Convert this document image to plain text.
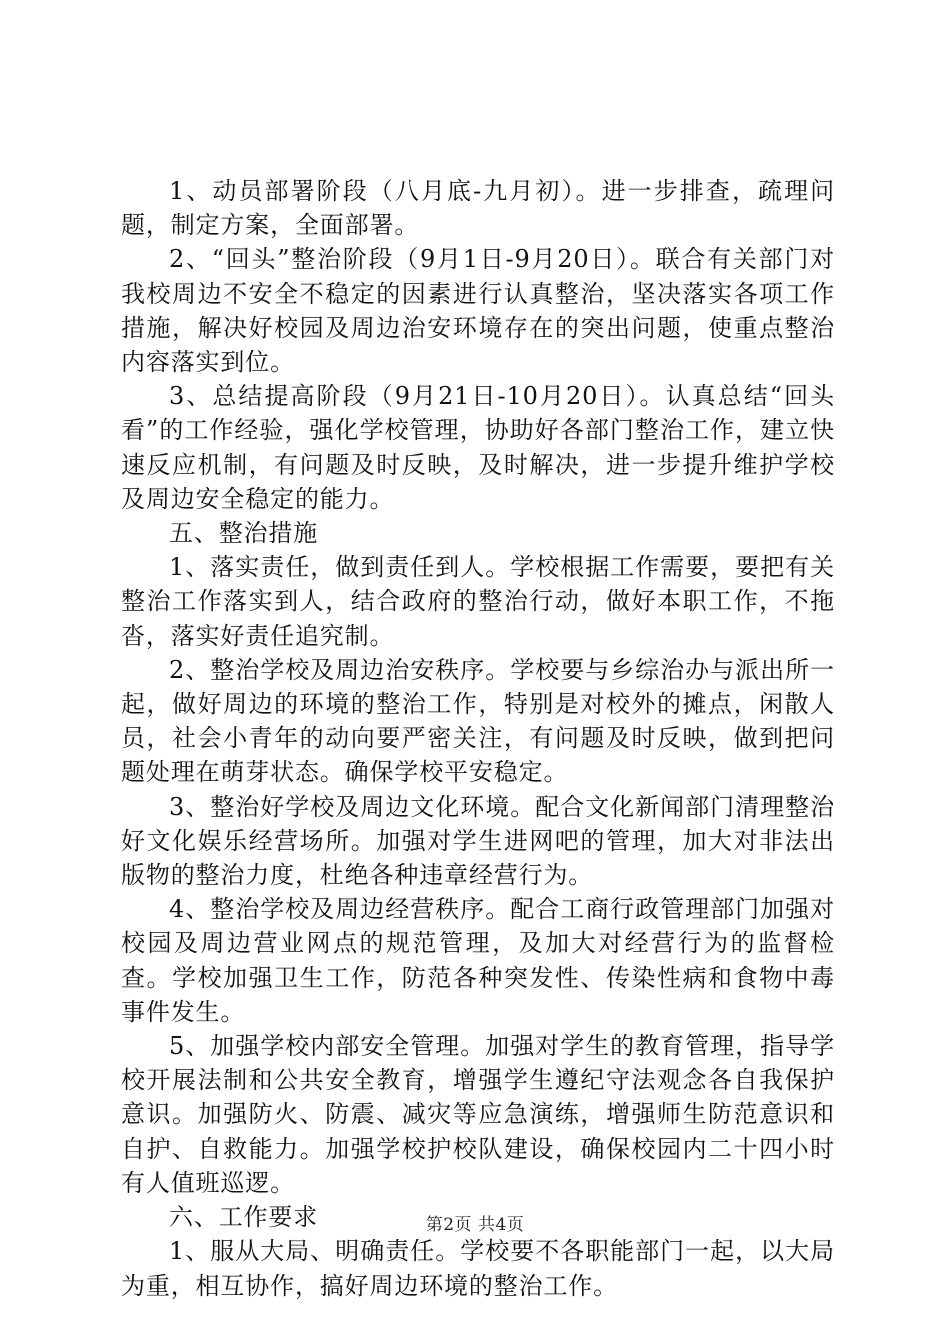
1、动员部署阶段（八月底-九月初）。进一步排查，疏理问题，制定方案，全面部署。

2、“回头”整治阶段（9月1日-9月20日）。联合有关部门对我校周边不安全不稳定的因素进行认真整治，坚决落实各项工作措施，解决好校园及周边治安环境存在的突出问题，使重点整治内容落实到位。

3、总结提高阶段（9月21日-10月20日）。认真总结“回头看”的工作经验，强化学校管理，协助好各部门整治工作，建立快速反应机制，有问题及时反映，及时解决，进一步提升维护学校及周边安全稳定的能力。

五、整治措施

1、落实责任，做到责任到人。学校根据工作需要，要把有关整治工作落实到人，结合政府的整治行动，做好本职工作，不拖沓，落实好责任追究制。

2、整治学校及周边治安秩序。学校要与乡综治办与派出所一起，做好周边的环境的整治工作，特别是对校外的摊点，闲散人员，社会小青年的动向要严密关注，有问题及时反映，做到把问题处理在萌芽状态。确保学校平安稳定。

3、整治好学校及周边文化环境。配合文化新闻部门清理整治好文化娱乐经营场所。加强对学生进网吧的管理，加大对非法出版物的整治力度，杜绝各种违章经营行为。

4、整治学校及周边经营秩序。配合工商行政管理部门加强对校园及周边营业网点的规范管理，及加大对经营行为的监督检查。学校加强卫生工作，防范各种突发性、传染性病和食物中毒事件发生。

5、加强学校内部安全管理。加强对学生的教育管理，指导学校开展法制和公共安全教育，增强学生遵纪守法观念各自我保护意识。加强防火、防震、减灾等应急演练，增强师生防范意识和自护、自救能力。加强学校护校队建设，确保校园内二十四小时有人值班巡逻。

六、工作要求

1、服从大局、明确责任。学校要不各职能部门一起，以大局为重，相互协作，搞好周边环境的整治工作。

第2页 共4页
